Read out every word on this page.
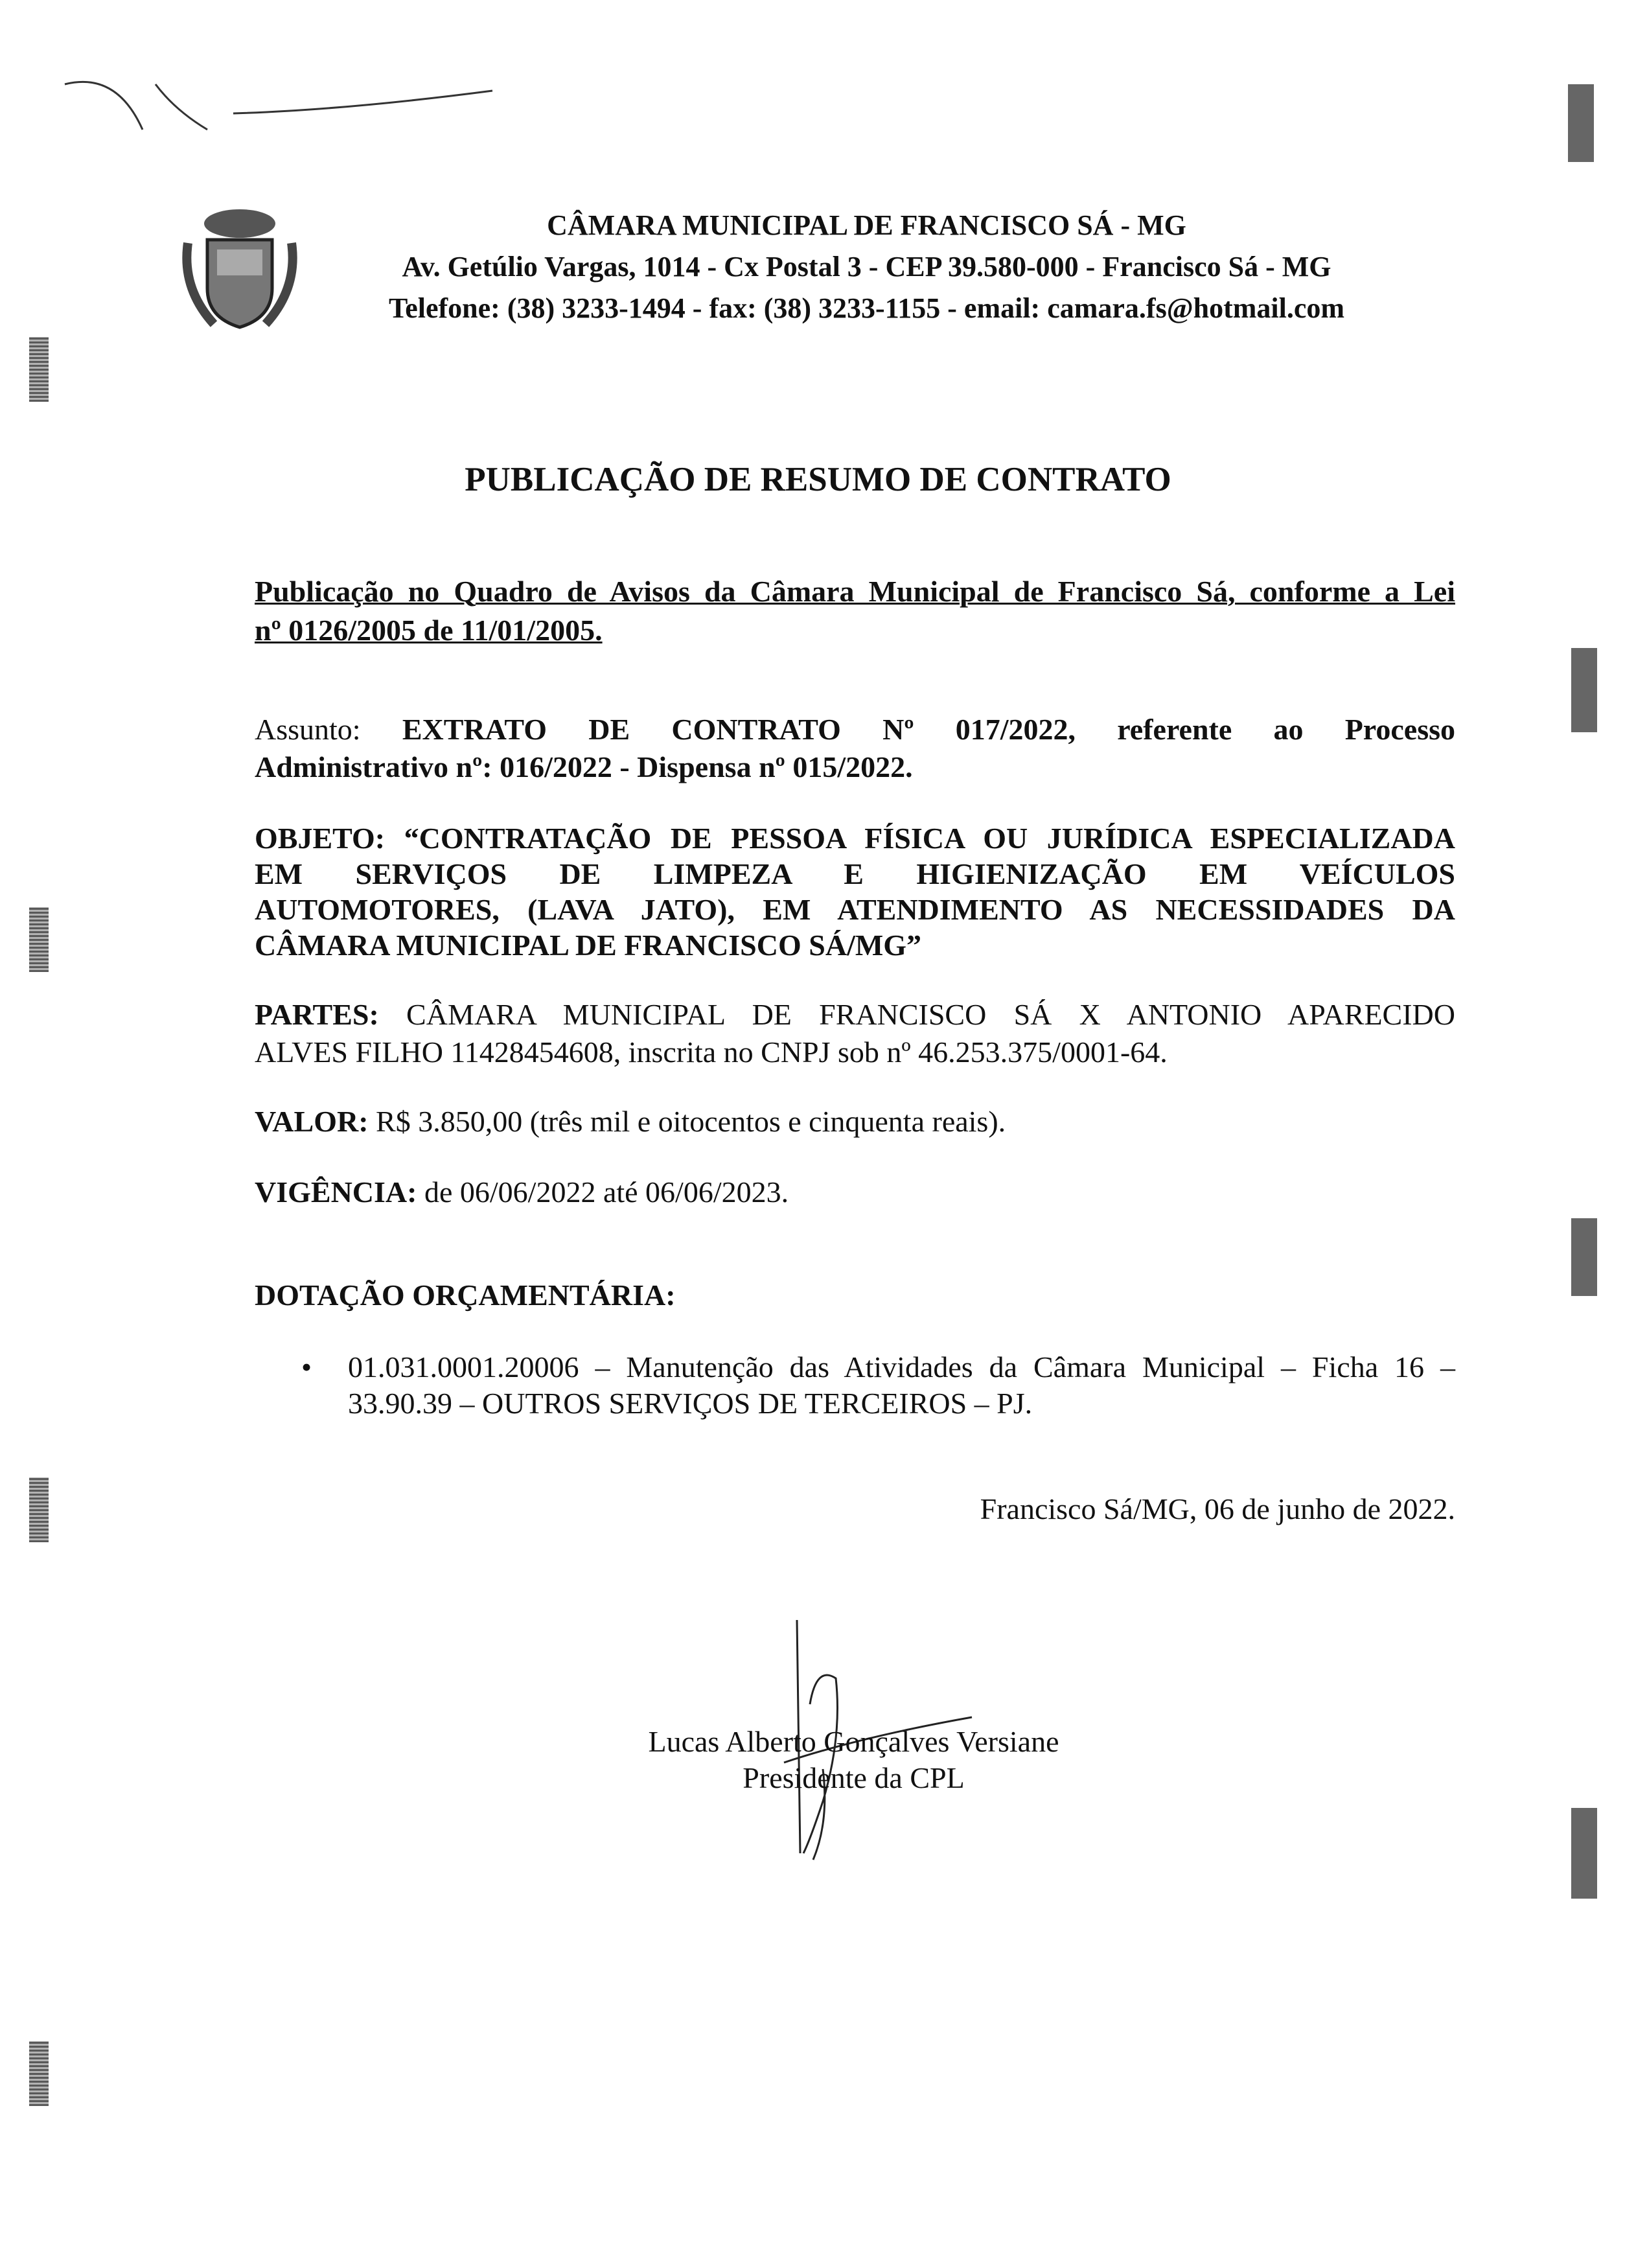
CÂMARA MUNICIPAL DE FRANCISCO SÁ - MG
Av. Getúlio Vargas, 1014 - Cx Postal 3 - CEP 39.580-000 - Francisco Sá - MG
Telefone: (38) 3233-1494 - fax: (38) 3233-1155 - email: camara.fs@hotmail.com
PUBLICAÇÃO DE RESUMO DE CONTRATO
Publicação no Quadro de Avisos da Câmara Municipal de Francisco Sá, conforme a Lei
nº 0126/2005 de 11/01/2005.
Assunto: EXTRATO DE CONTRATO Nº 017/2022, referente ao Processo
Administrativo nº: 016/2022 - Dispensa nº 015/2022.
OBJETO: “CONTRATAÇÃO DE PESSOA FÍSICA OU JURÍDICA ESPECIALIZADA
EM SERVIÇOS DE LIMPEZA E HIGIENIZAÇÃO EM VEÍCULOS
AUTOMOTORES, (LAVA JATO), EM ATENDIMENTO AS NECESSIDADES DA
CÂMARA MUNICIPAL DE FRANCISCO SÁ/MG”
PARTES: CÂMARA MUNICIPAL DE FRANCISCO SÁ X ANTONIO APARECIDO
ALVES FILHO 11428454608, inscrita no CNPJ sob nº 46.253.375/0001-64.
VALOR: R$ 3.850,00 (três mil e oitocentos e cinquenta reais).
VIGÊNCIA: de 06/06/2022 até 06/06/2023.
DOTAÇÃO ORÇAMENTÁRIA:
• 01.031.0001.20006 – Manutenção das Atividades da Câmara Municipal – Ficha 16 –
33.90.39 – OUTROS SERVIÇOS DE TERCEIROS – PJ.
Francisco Sá/MG, 06 de junho de 2022.
Lucas Alberto Gonçalves Versiane
Presidente da CPL
